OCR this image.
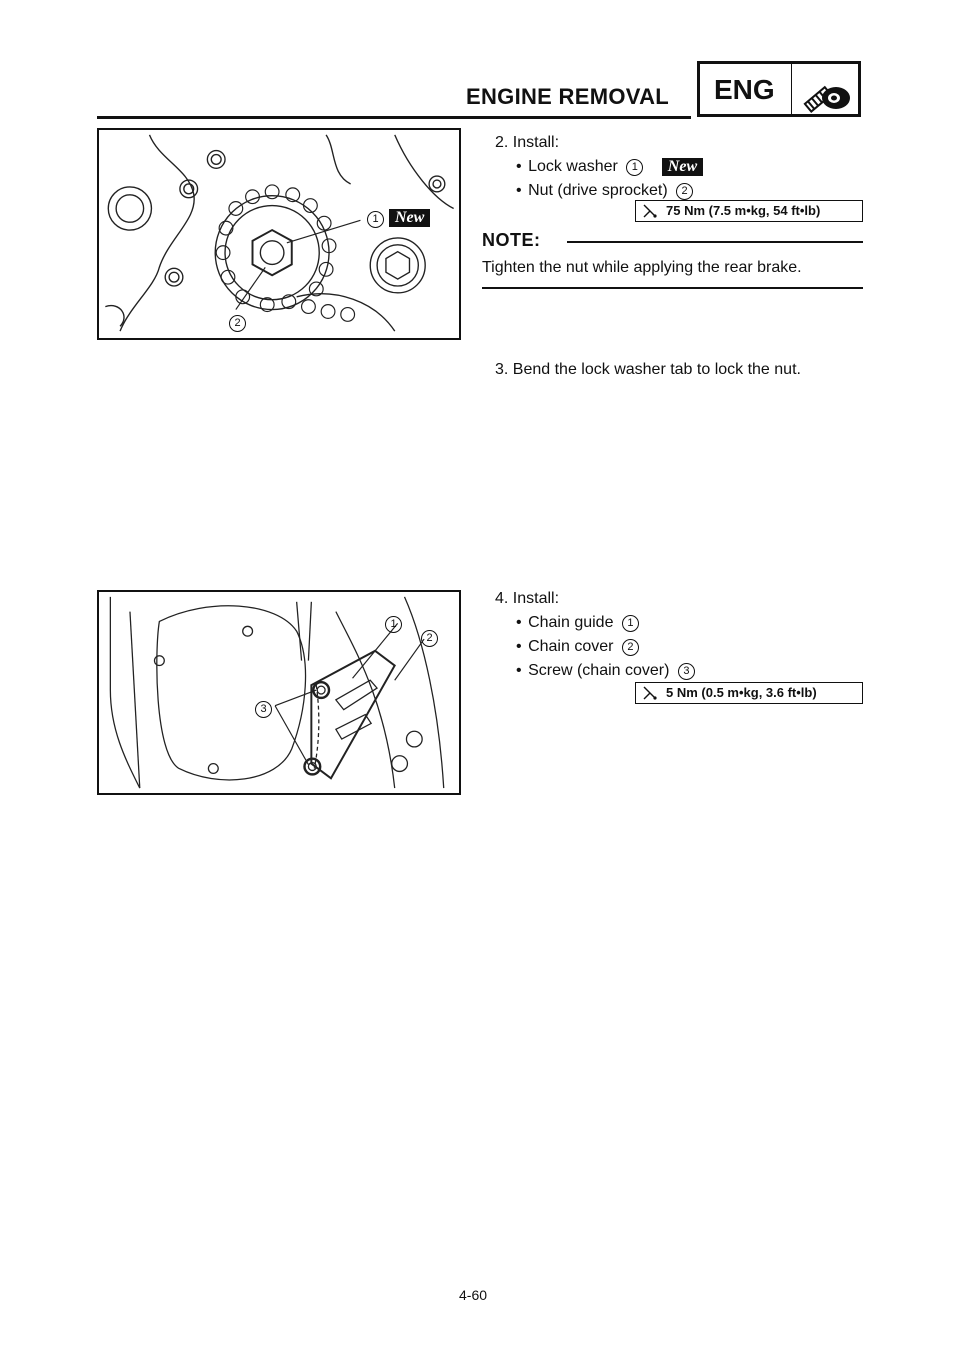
ENGINE REMOVAL ENG
1	New
2
1
2
3
2. Install:
• Lock washer 1 New
• Nut (drive sprocket) 2
75 Nm (7.5 m•kg, 54 ft•lb)
NOTE:
Tighten the nut while applying the rear brake.
3. Bend the lock washer tab to lock the nut.
4. Install:
• Chain guide 1
• Chain cover 2
• Screw (chain cover) 3
5 Nm (0.5 m•kg, 3.6 ft•lb)
4-60
